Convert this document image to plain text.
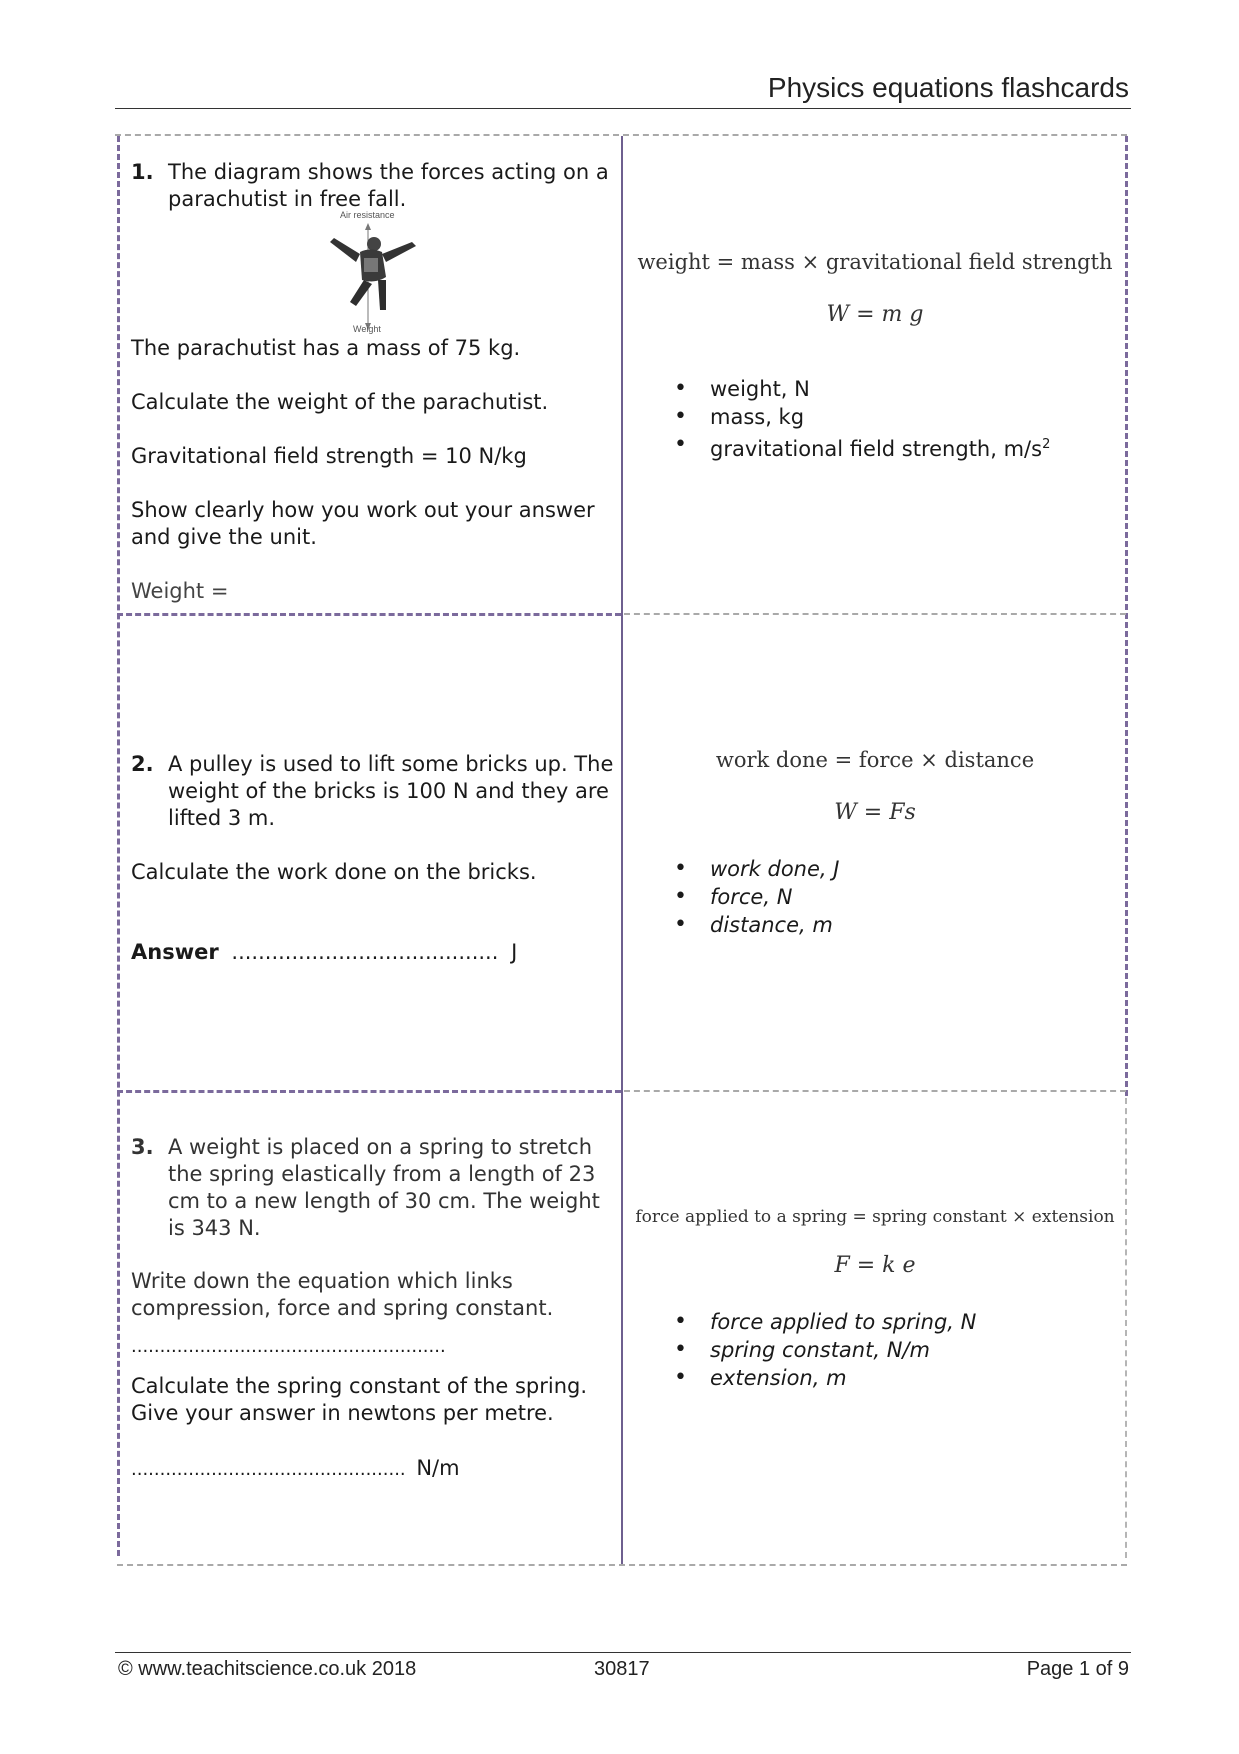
Physics equations flashcards
1. The diagram shows the forces acting on a parachutist in free fall.
Air resistance
Weight
The parachutist has a mass of 75 kg.
Calculate the weight of the parachutist.
Gravitational field strength = 10 N/kg
Show clearly how you work out your answer and give the unit.
Weight =
weight = mass × gravitational field strength
W = m g
• weight, N
• mass, kg
• gravitational field strength, $m/s^2$
2. A pulley is used to lift some bricks up. The weight of the bricks is 100 N and they are lifted 3 m.
Calculate the work done on the bricks.
Answer ........................................ J
work done = force × distance
W = Fs
• work done, J
• force, N
• distance, m
3. A weight is placed on a spring to stretch the spring elastically from a length of 23 cm to a new length of 30 cm. The weight is 343 N.
Write down the equation which links compression, force and spring constant.
.......................................................
Calculate the spring constant of the spring. Give your answer in newtons per metre.
................................................ N/m
force applied to a spring = spring constant × extension
F = k e
• force applied to spring, N
• spring constant, N/m
• extension, m
© www.teachitscience.co.uk 2018	30817	Page 1 of 9
